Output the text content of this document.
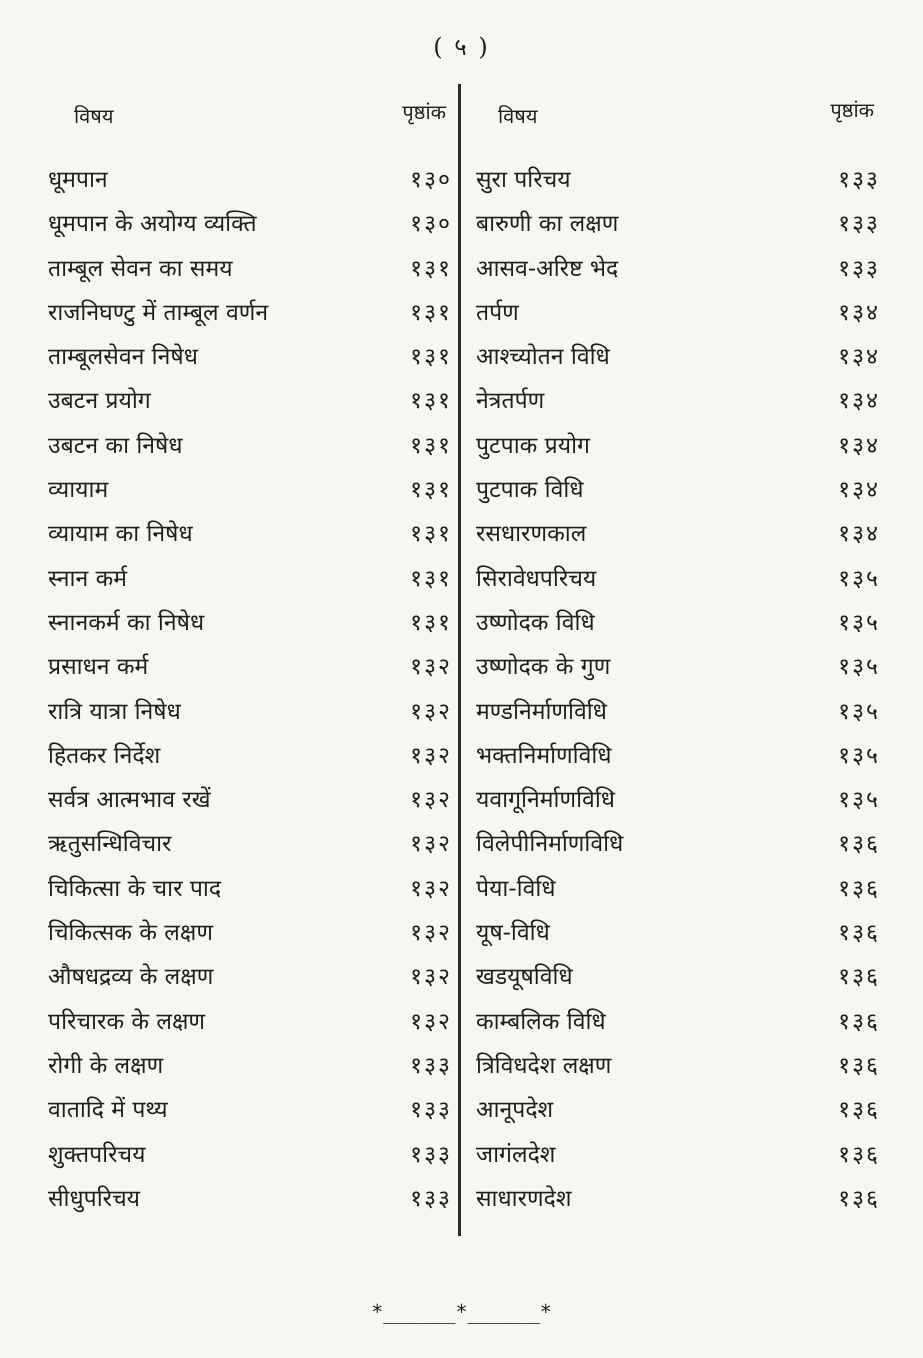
( ५ )
विषय	पृष्ठांक
धूमपान	१३०
धूमपान के अयोग्य व्यक्ति	१३०
ताम्बूल सेवन का समय	१३१
राजनिघण्टु में ताम्बूल वर्णन	१३१
ताम्बूलसेवन निषेध	१३१
उबटन प्रयोग	१३१
उबटन का निषेध	१३१
व्यायाम	१३१
व्यायाम का निषेध	१३१
स्नान कर्म	१३१
स्नानकर्म का निषेध	१३१
प्रसाधन कर्म	१३२
रात्रि यात्रा निषेध	१३२
हितकर निर्देश	१३२
सर्वत्र आत्मभाव रखें	१३२
ऋतुसन्धिविचार	१३२
चिकित्सा के चार पाद	१३२
चिकित्सक के लक्षण	१३२
औषधद्रव्य के लक्षण	१३२
परिचारक के लक्षण	१३२
रोगी के लक्षण	१३३
वातादि में पथ्य	१३३
शुक्तपरिचय	१३३
सीधुपरिचय	१३३
विषय	पृष्ठांक
सुरा परिचय	१३३
बारुणी का लक्षण	१३३
आसव-अरिष्ट भेद	१३३
तर्पण	१३४
आश्च्योतन विधि	१३४
नेत्रतर्पण	१३४
पुटपाक प्रयोग	१३४
पुटपाक विधि	१३४
रसधारणकाल	१३४
सिरावेधपरिचय	१३५
उष्णोदक विधि	१३५
उष्णोदक के गुण	१३५
मण्डनिर्माणविधि	१३५
भक्तनिर्माणविधि	१३५
यवागूनिर्माणविधि	१३५
विलेपीनिर्माणविधि	१३६
पेया-विधि	१३६
यूष-विधि	१३६
खडयूषविधि	१३६
काम्बलिक विधि	१३६
त्रिविधदेश लक्षण	१३६
आनूपदेश	१३६
जागंलदेश	१३६
साधारणदेश	१३६
*______*______*
